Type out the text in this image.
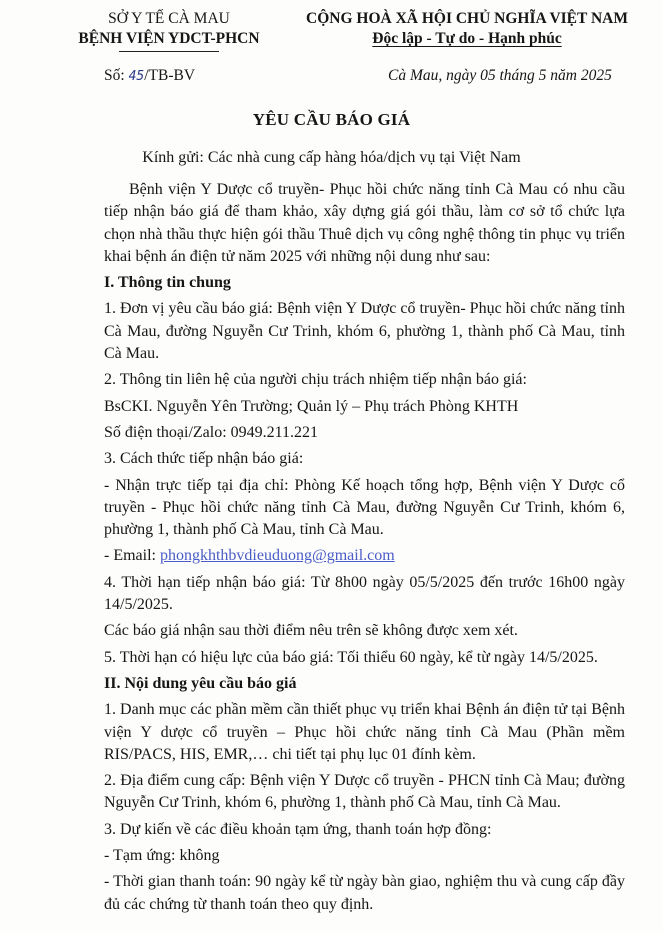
SỞ Y TẾ CÀ MAU
BỆNH VIỆN YDCT-PHCN
CỘNG HOÀ XÃ HỘI CHỦ NGHĨA VIỆT NAM
Độc lập - Tự do - Hạnh phúc
Số: 45/TB-BV	Cà Mau, ngày 05 tháng 5 năm 2025
YÊU CẦU BÁO GIÁ
Kính gửi: Các nhà cung cấp hàng hóa/dịch vụ tại Việt Nam

Bệnh viện Y Dược cổ truyền- Phục hồi chức năng tỉnh Cà Mau có nhu cầu tiếp nhận báo giá để tham khảo, xây dựng giá gói thầu, làm cơ sở tổ chức lựa chọn nhà thầu thực hiện gói thầu Thuê dịch vụ công nghệ thông tin phục vụ triển khai bệnh án điện tử năm 2025 với những nội dung như sau:

I. Thông tin chung

1. Đơn vị yêu cầu báo giá: Bệnh viện Y Dược cổ truyền- Phục hồi chức năng tỉnh Cà Mau, đường Nguyễn Cư Trinh, khóm 6, phường 1, thành phố Cà Mau, tỉnh Cà Mau.

2. Thông tin liên hệ của người chịu trách nhiệm tiếp nhận báo giá:

BsCKI. Nguyễn Yên Trường; Quản lý – Phụ trách Phòng KHTH

Số điện thoại/Zalo: 0949.211.221

3. Cách thức tiếp nhận báo giá:

- Nhận trực tiếp tại địa chỉ: Phòng Kế hoạch tổng hợp, Bệnh viện Y Dược cổ truyền - Phục hồi chức năng tỉnh Cà Mau, đường Nguyễn Cư Trinh, khóm 6, phường 1, thành phố Cà Mau, tỉnh Cà Mau.

- Email: phongkhthbvdieuduong@gmail.com

4. Thời hạn tiếp nhận báo giá: Từ 8h00 ngày 05/5/2025 đến trước 16h00 ngày 14/5/2025.

Các báo giá nhận sau thời điểm nêu trên sẽ không được xem xét.

5. Thời hạn có hiệu lực của báo giá: Tối thiểu 60 ngày, kể từ ngày 14/5/2025.

II. Nội dung yêu cầu báo giá

1. Danh mục các phần mềm cần thiết phục vụ triển khai Bệnh án điện tử tại Bệnh viện Y dược cổ truyền – Phục hồi chức năng tỉnh Cà Mau (Phần mềm RIS/PACS, HIS, EMR,… chi tiết tại phụ lục 01 đính kèm.

2. Địa điểm cung cấp: Bệnh viện Y Dược cổ truyền - PHCN tỉnh Cà Mau; đường Nguyễn Cư Trinh, khóm 6, phường 1, thành phố Cà Mau, tỉnh Cà Mau.

3. Dự kiến về các điều khoản tạm ứng, thanh toán hợp đồng:

- Tạm ứng: không

- Thời gian thanh toán: 90 ngày kể từ ngày bàn giao, nghiệm thu và cung cấp đầy đủ các chứng từ thanh toán theo quy định.
